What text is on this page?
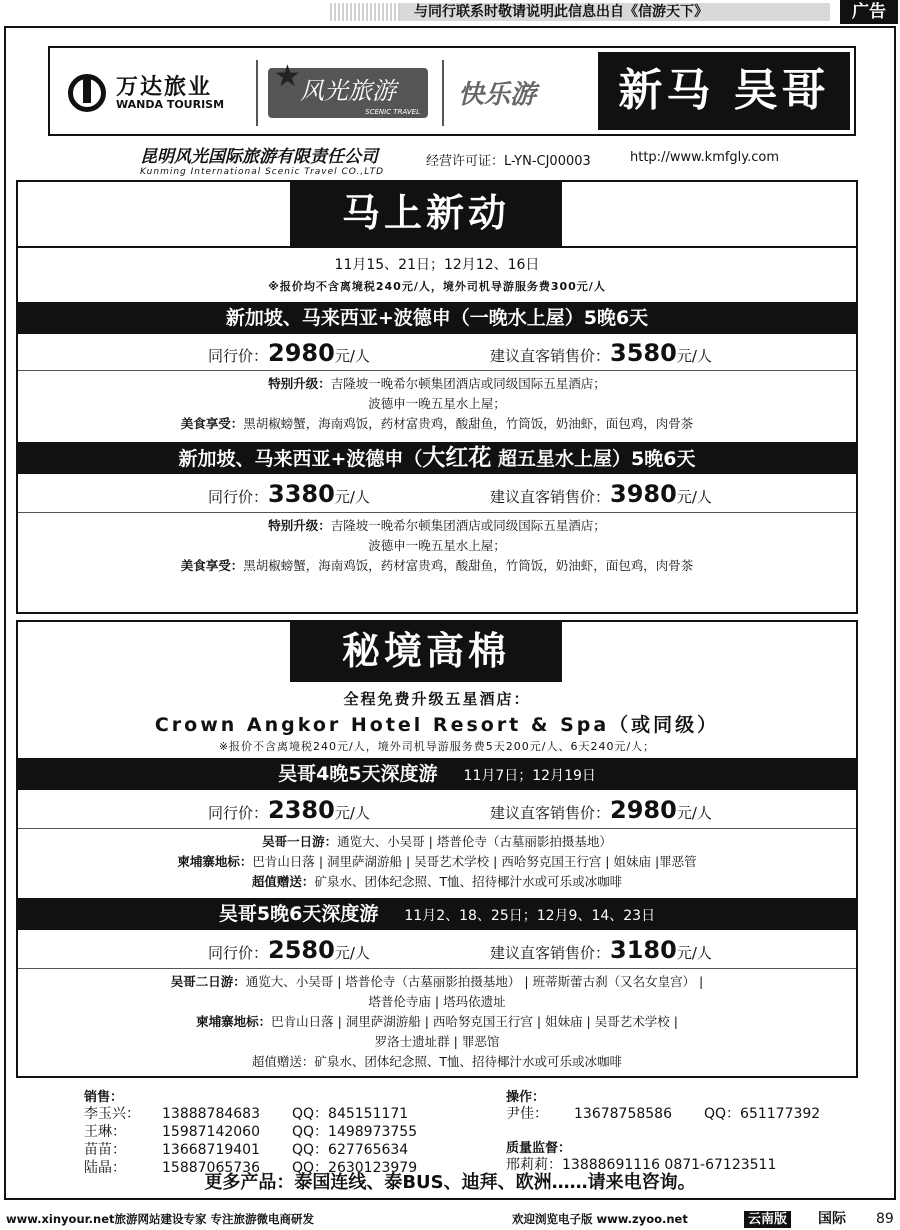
与同行联系时敬请说明此信息出自《信游天下》	广告
万达旅业
WANDA TOURISM
★ 风光旅游
SCENIC TRAVEL
快乐游	新马 吴哥
昆明风光国际旅游有限责任公司
Kunming International Scenic Travel CO.,LTD
经营许可证：L-YN-CJ00003	http://www.kmfgly.com
马上新动
11月15、21日；12月12、16日
※报价均不含离境税240元/人，境外司机导游服务费300元/人
新加坡、马来西亚+波德申（一晚水上屋）5晚6天
同行价：2980元/人	建议直客销售价：3580元/人
特别升级：吉隆坡一晚希尔顿集团酒店或同级国际五星酒店；
波德申一晚五星水上屋；
美食享受：黑胡椒螃蟹，海南鸡饭，药材富贵鸡，酸甜鱼，竹筒饭，奶油虾，面包鸡，肉骨茶
新加坡、马来西亚+波德申（大红花 超五星水上屋）5晚6天
同行价：3380元/人	建议直客销售价：3980元/人
特别升级：吉隆坡一晚希尔顿集团酒店或同级国际五星酒店；
波德申一晚五星水上屋；
美食享受：黑胡椒螃蟹，海南鸡饭，药材富贵鸡，酸甜鱼，竹筒饭，奶油虾，面包鸡，肉骨茶
秘境高棉
全程免费升级五星酒店：
Crown Angkor Hotel Resort & Spa（或同级）
※报价不含离境税240元/人，境外司机导游服务费5天200元/人、6天240元/人；
吴哥4晚5天深度游 11月7日；12月19日
同行价：2380元/人	建议直客销售价：2980元/人
吴哥一日游：通览大、小吴哥 | 塔普伦寺（古墓丽影拍摄基地）
柬埔寨地标：巴肯山日落 | 洞里萨湖游船 | 吴哥艺术学校 | 西哈努克国王行宫 | 姐妹庙 |罪恶管
超值赠送：矿泉水、团体纪念照、T恤、招待椰汁水或可乐或冰咖啡
吴哥5晚6天深度游 11月2、18、25日；12月9、14、23日
同行价：2580元/人	建议直客销售价：3180元/人
吴哥二日游：通览大、小吴哥 | 塔普伦寺（古墓丽影拍摄基地） | 班蒂斯蕾古刹（又名女皇宫） |
塔普伦寺庙 | 塔玛依遗址
柬埔寨地标：巴肯山日落 | 洞里萨湖游船 | 西哈努克国王行宫 | 姐妹庙 | 吴哥艺术学校 |
罗洛士遗址群 | 罪恶馆
超值赠送：矿泉水、团体纪念照、T恤、招待椰汁水或可乐或冰咖啡
销售：
李玉兴：	13888784683	QQ：845151171
王琳：	15987142060	QQ：1498973755
苗苗：	13668719401	QQ：627765634
陆晶：	15887065736	QQ：2630123979
操作：
尹佳：	13678758586	QQ：651177392
质量监督：
邢莉莉：13888691116 0871-67123511
更多产品：泰国连线、泰BUS、迪拜、欧洲……请来电咨询。
www.xinyour.net旅游网站建设专家 专注旅游微电商研发	欢迎浏览电子版 www.zyoo.net	云南版 国际 89
